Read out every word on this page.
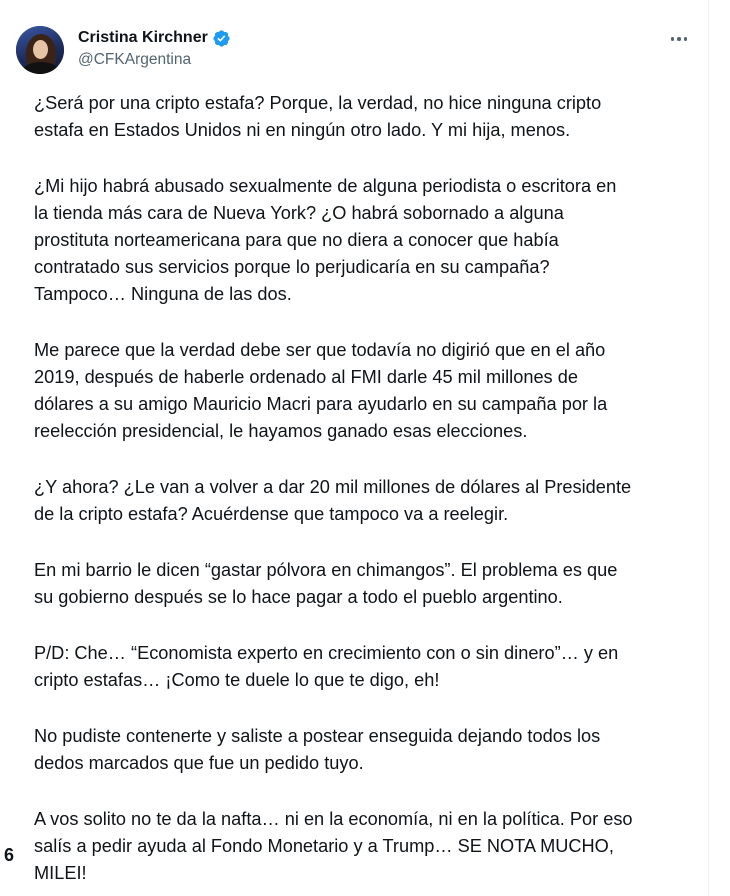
6
Cristina Kirchner
@CFKArgentina

¿Será por una cripto estafa? Porque, la verdad, no hice ninguna cripto
estafa en Estados Unidos ni en ningún otro lado. Y mi hija, menos.

¿Mi hijo habrá abusado sexualmente de alguna periodista o escritora en
la tienda más cara de Nueva York? ¿O habrá sobornado a alguna
prostituta norteamericana para que no diera a conocer que había
contratado sus servicios porque lo perjudicaría en su campaña?
Tampoco… Ninguna de las dos.

Me parece que la verdad debe ser que todavía no digirió que en el año
2019, después de haberle ordenado al FMI darle 45 mil millones de
dólares a su amigo Mauricio Macri para ayudarlo en su campaña por la
reelección presidencial, le hayamos ganado esas elecciones.

¿Y ahora? ¿Le van a volver a dar 20 mil millones de dólares al Presidente
de la cripto estafa? Acuérdense que tampoco va a reelegir.

En mi barrio le dicen “gastar pólvora en chimangos”. El problema es que
su gobierno después se lo hace pagar a todo el pueblo argentino.

P/D: Che… “Economista experto en crecimiento con o sin dinero”… y en
cripto estafas… ¡Como te duele lo que te digo, eh!

No pudiste contenerte y saliste a postear enseguida dejando todos los
dedos marcados que fue un pedido tuyo.

A vos solito no te da la nafta… ni en la economía, ni en la política. Por eso
salís a pedir ayuda al Fondo Monetario y a Trump… SE NOTA MUCHO,
MILEI!
